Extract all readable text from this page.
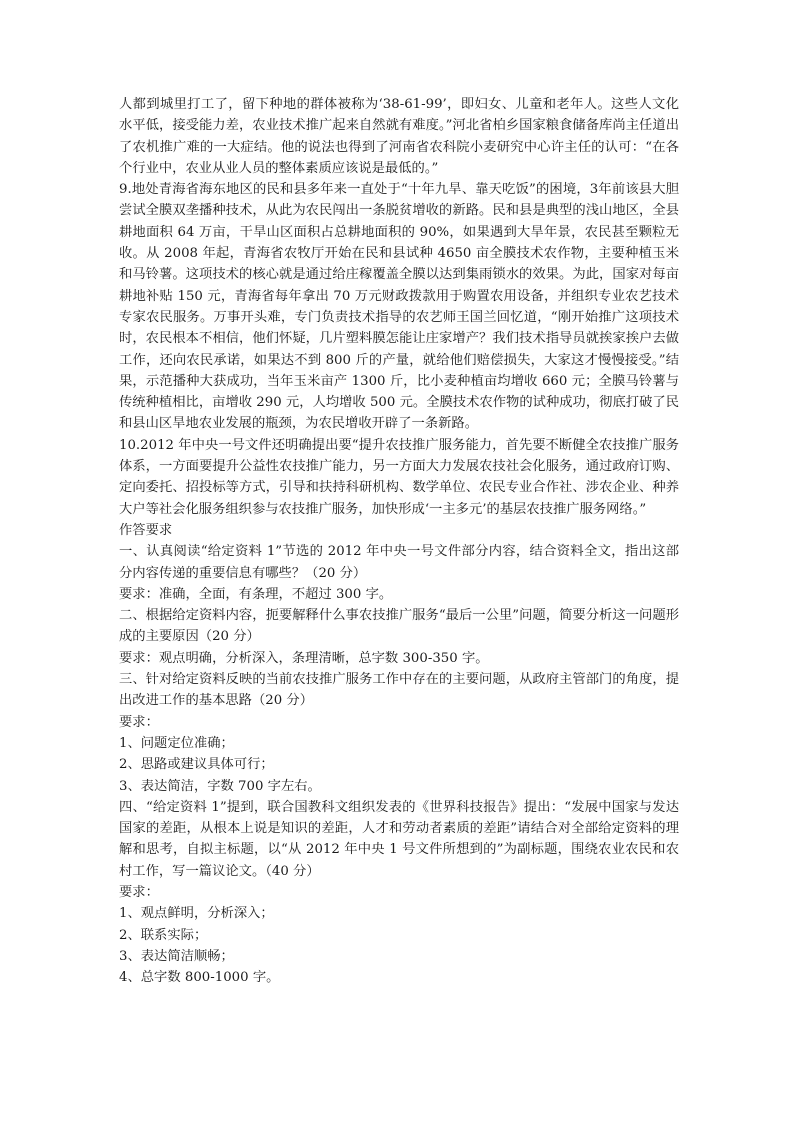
人都到城里打工了，留下种地的群体被称为‘38-61-99’，即妇女、儿童和老年人。这些人文化水平低，接受能力差，农业技术推广起来自然就有难度。”河北省柏乡国家粮食储备库尚主任道出了农机推广难的一大症结。他的说法也得到了河南省农科院小麦研究中心许主任的认可：“在各个行业中，农业从业人员的整体素质应该说是最低的。”

9.地处青海省海东地区的民和县多年来一直处于“十年九旱、靠天吃饭”的困境，3年前该县大胆尝试全膜双垄播种技术，从此为农民闯出一条脱贫增收的新路。民和县是典型的浅山地区，全县耕地面积 64 万亩，干旱山区面积占总耕地面积的 90%，如果遇到大旱年景，农民甚至颗粒无收。从 2008 年起，青海省农牧厅开始在民和县试种 4650 亩全膜技术农作物，主要种植玉米和马铃薯。这项技术的核心就是通过给庄稼覆盖全膜以达到集雨锁水的效果。为此，国家对每亩耕地补贴 150 元，青海省每年拿出 70 万元财政拨款用于购置农用设备，并组织专业农艺技术专家农民服务。万事开头难，专门负责技术指导的农艺师王国兰回忆道，“刚开始推广这项技术时，农民根本不相信，他们怀疑，几片塑料膜怎能让庄家增产？我们技术指导员就挨家挨户去做工作，还向农民承诺，如果达不到 800 斤的产量，就给他们赔偿损失，大家这才慢慢接受。”结果，示范播种大获成功，当年玉米亩产 1300 斤，比小麦种植亩均增收 660 元；全膜马铃薯与传统种植相比，亩增收 290 元，人均增收 500 元。全膜技术农作物的试种成功，彻底打破了民和县山区旱地农业发展的瓶颈，为农民增收开辟了一条新路。

10.2012 年中央一号文件还明确提出要“提升农技推广服务能力，首先要不断健全农技推广服务体系，一方面要提升公益性农技推广能力，另一方面大力发展农技社会化服务，通过政府订购、定向委托、招投标等方式，引导和扶持科研机构、数学单位、农民专业合作社、涉农企业、种养大户等社会化服务组织参与农技推广服务，加快形成‘一主多元’的基层农技推广服务网络。”

作答要求

一、认真阅读“给定资料 1”节选的 2012 年中央一号文件部分内容，结合资料全文，指出这部分内容传递的重要信息有哪些？（20 分）

要求：准确，全面，有条理，不超过 300 字。

二、根据给定资料内容，扼要解释什么事农技推广服务“最后一公里”问题，简要分析这一问题形成的主要原因（20 分）

要求：观点明确，分析深入，条理清晰，总字数 300-350 字。

三、针对给定资料反映的当前农技推广服务工作中存在的主要问题，从政府主管部门的角度，提出改进工作的基本思路（20 分）

要求：

1、问题定位准确；

2、思路或建议具体可行；

3、表达简洁，字数 700 字左右。

四、“给定资料 1”提到，联合国教科文组织发表的《世界科技报告》提出：“发展中国家与发达国家的差距，从根本上说是知识的差距，人才和劳动者素质的差距”请结合对全部给定资料的理解和思考，自拟主标题，以“从 2012 年中央 1 号文件所想到的”为副标题，围绕农业农民和农村工作，写一篇议论文。（40 分）

要求：

1、观点鲜明，分析深入；

2、联系实际；

3、表达简洁顺畅；

4、总字数 800-1000 字。
